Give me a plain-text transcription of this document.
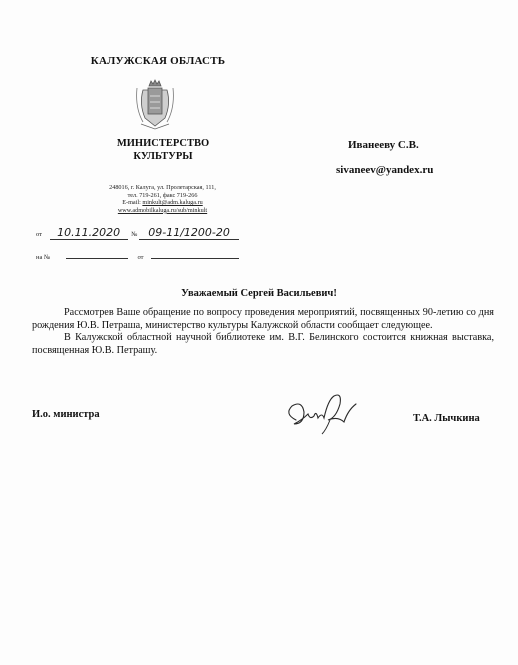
КАЛУЖСКАЯ ОБЛАСТЬ
МИНИСТЕРСТВО
КУЛЬТУРЫ
248016, г. Калуга, ул. Пролетарская, 111,
тел. 719-261, факс 719-266
E-mail: minkult@adm.kaluga.ru
www.admobilkaluga.ru/sub/minkult
от 10.11.2020 № 09-11/1200-20
на №	от
Иванееву С.В.
sivaneev@yandex.ru
Уважаемый Сергей Васильевич!

Рассмотрев Ваше обращение по вопросу проведения мероприятий, посвященных 90-летию со дня рождения Ю.В. Петраша, министерство культуры Калужской области сообщает следующее.

В Калужской областной научной библиотеке им. В.Г. Белинского состоится книжная выставка, посвященная Ю.В. Петрашу.

И.о. министра	Т.А. Лычкина
